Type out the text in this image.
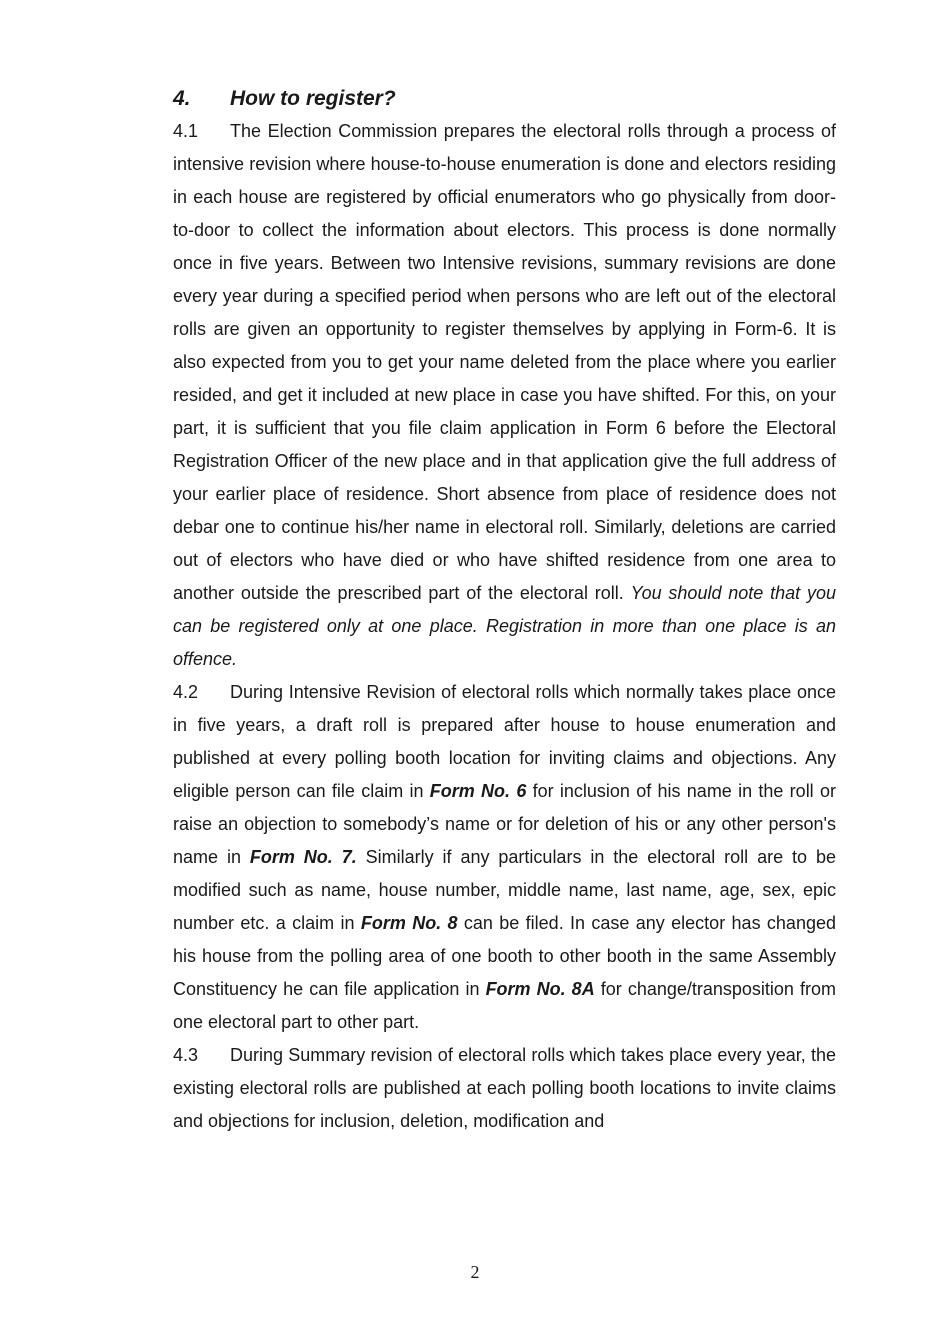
4. How to register?

4.1 The Election Commission prepares the electoral rolls through a process of intensive revision where house-to-house enumeration is done and electors residing in each house are registered by official enumerators who go physically from door-to-door to collect the information about electors. This process is done normally once in five years. Between two Intensive revisions, summary revisions are done every year during a specified period when persons who are left out of the electoral rolls are given an opportunity to register themselves by applying in Form-6. It is also expected from you to get your name deleted from the place where you earlier resided, and get it included at new place in case you have shifted. For this, on your part, it is sufficient that you file claim application in Form 6 before the Electoral Registration Officer of the new place and in that application give the full address of your earlier place of residence. Short absence from place of residence does not debar one to continue his/her name in electoral roll. Similarly, deletions are carried out of electors who have died or who have shifted residence from one area to another outside the prescribed part of the electoral roll. You should note that you can be registered only at one place. Registration in more than one place is an offence.

4.2 During Intensive Revision of electoral rolls which normally takes place once in five years, a draft roll is prepared after house to house enumeration and published at every polling booth location for inviting claims and objections. Any eligible person can file claim in Form No. 6 for inclusion of his name in the roll or raise an objection to somebody’s name or for deletion of his or any other person's name in Form No. 7. Similarly if any particulars in the electoral roll are to be modified such as name, house number, middle name, last name, age, sex, epic number etc. a claim in Form No. 8 can be filed. In case any elector has changed his house from the polling area of one booth to other booth in the same Assembly Constituency he can file application in Form No. 8A for change/transposition from one electoral part to other part.

4.3 During Summary revision of electoral rolls which takes place every year, the existing electoral rolls are published at each polling booth locations to invite claims and objections for inclusion, deletion, modification and

2
